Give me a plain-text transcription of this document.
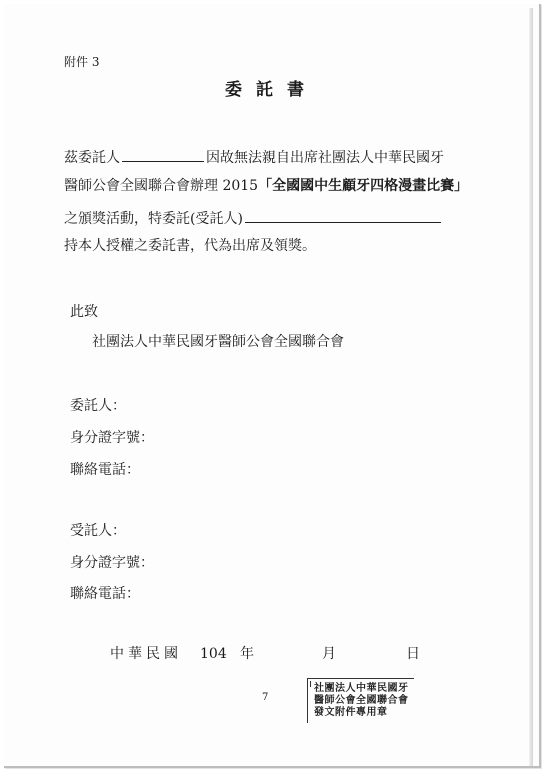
附件 3
委託書
茲委託人	因故無法親自出席社團法人中華民國牙
醫師公會全國聯合會辦理 2015「全國國中生顧牙四格漫畫比賽」
之頒獎活動，特委託(受託人)
持本人授權之委託書，代為出席及領獎。
此致
社團法人中華民國牙醫師公會全國聯合會
委託人：
身分證字號：
聯絡電話：
受託人：
身分證字號：
聯絡電話：
中華民國 104 年	月	日
7
社團法人中華民國牙
醫師公會全國聯合會
發文附件專用章
